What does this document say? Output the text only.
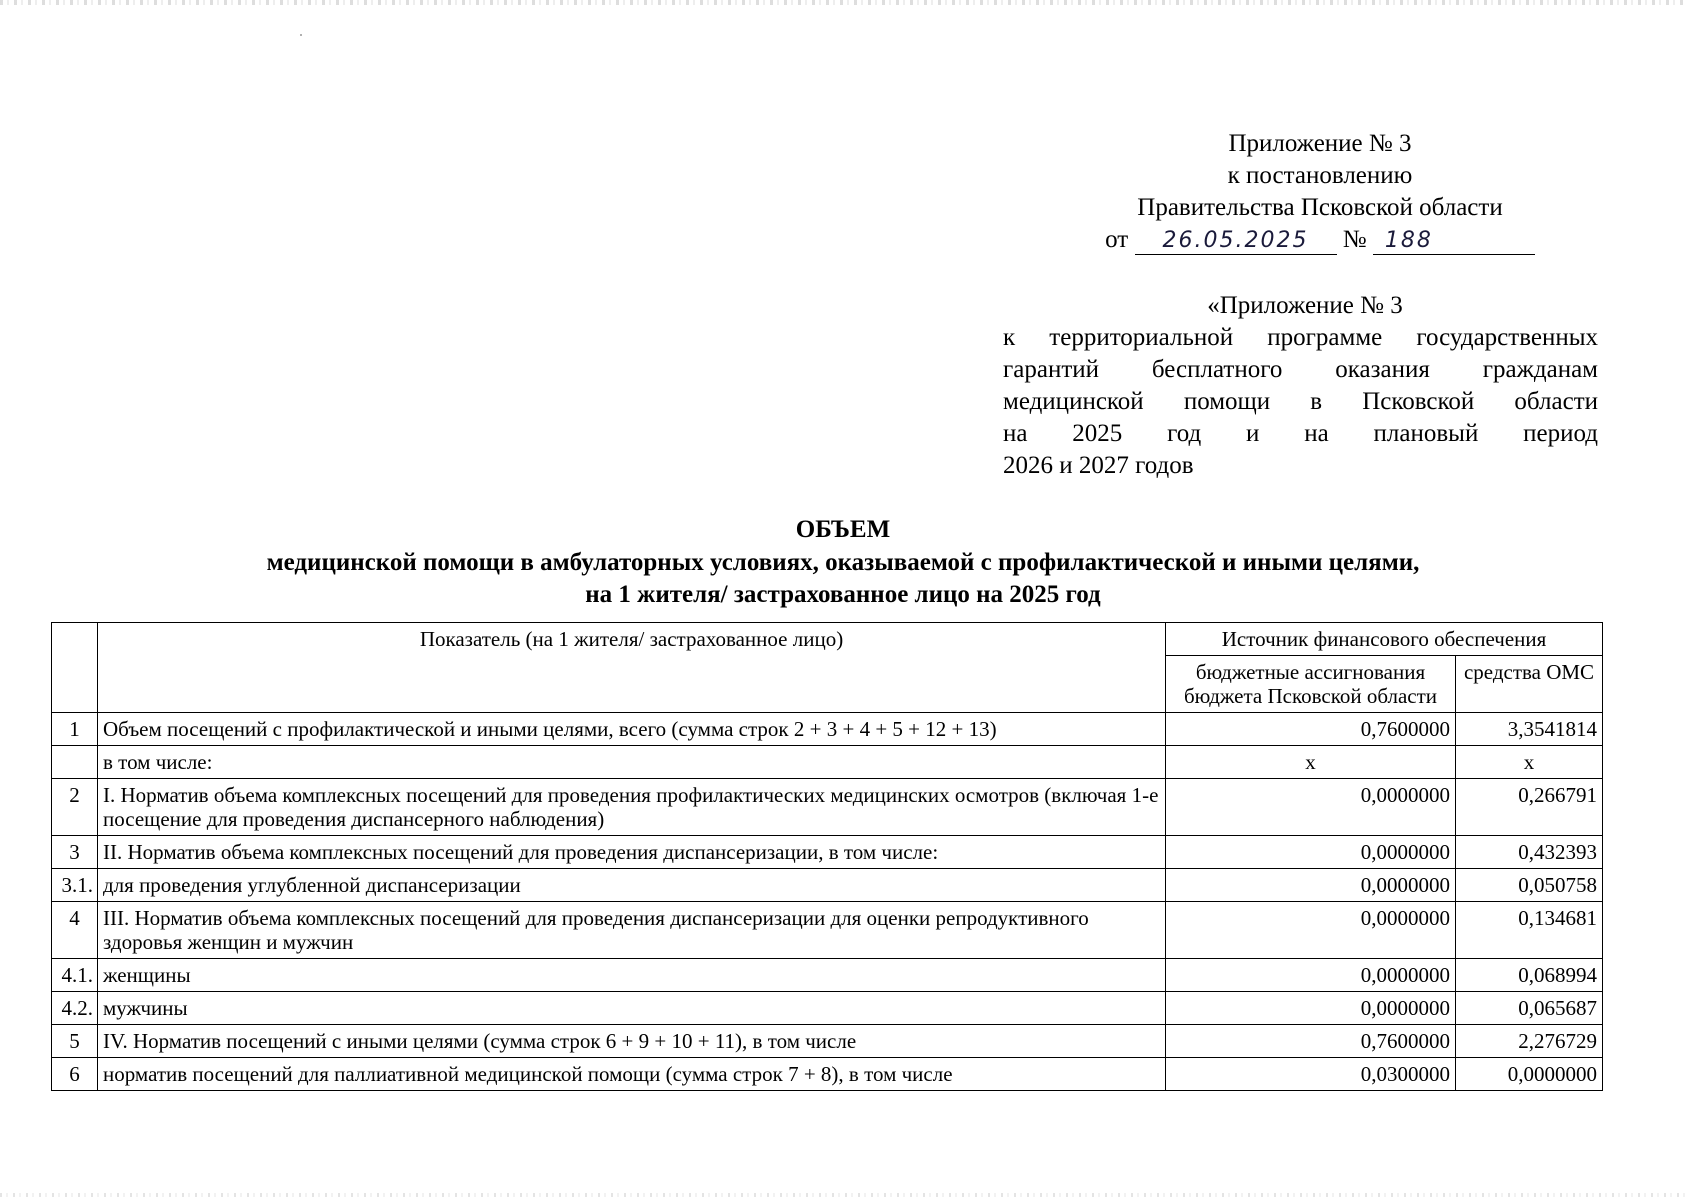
Приложение № 3
к постановлению
Правительства Псковской области
от 26.05.2025 № 188
«Приложение № 3
к территориальной программе государственных
гарантий бесплатного оказания гражданам
медицинской помощи в Псковской области
на 2025 год и на плановый период
2026 и 2027 годов
ОБЪЕМ
медицинской помощи в амбулаторных условиях, оказываемой с профилактической и иными целями,
на 1 жителя/ застрахованное лицо на 2025 год
	Показатель (на 1 жителя/ застрахованное лицо)	Источник финансового обеспечения	
		бюджетные ассигнования бюджета Псковской области	средства ОМС
1	Объем посещений с профилактической и иными целями, всего (сумма строк 2 + 3 + 4 + 5 + 12 + 13)	0,7600000	3,3541814
	в том числе:	х	х
2	I. Норматив объема комплексных посещений для проведения профилактических медицинских осмотров (включая 1-е посещение для проведения диспансерного наблюдения)	0,0000000	0,266791
3	II. Норматив объема комплексных посещений для проведения диспансеризации, в том числе:	0,0000000	0,432393
3.1.	для проведения углубленной диспансеризации	0,0000000	0,050758
4	III. Норматив объема комплексных посещений для проведения диспансеризации для оценки репродуктивного здоровья женщин и мужчин	0,0000000	0,134681
4.1.	женщины	0,0000000	0,068994
4.2.	мужчины	0,0000000	0,065687
5	IV. Норматив посещений с иными целями (сумма строк 6 + 9 + 10 + 11), в том числе	0,7600000	2,276729
6	норматив посещений для паллиативной медицинской помощи (сумма строк 7 + 8), в том числе	0,0300000	0,0000000
